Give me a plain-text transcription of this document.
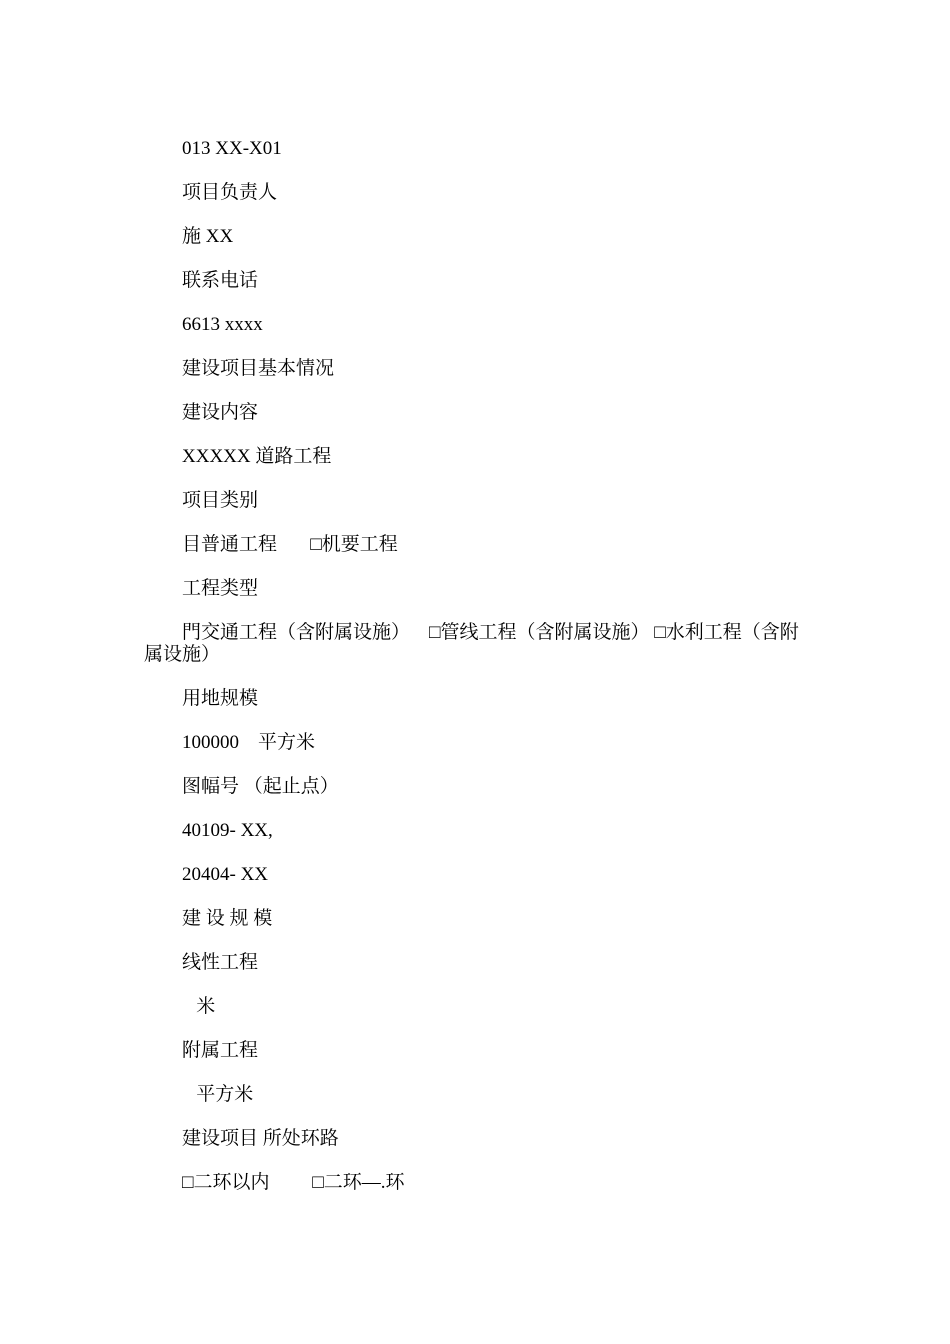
013 XX-X01

项目负责人

施 XX

联系电话

6613 xxxx

建设项目基本情况

建设内容

XXXXX 道路工程

项目类别

目普通工程       □机要工程

工程类型

門交通工程（含附属设施）    □管线工程（含附属设施） □水利工程（含附属设施）

用地规模

100000    平方米

图幅号 （起止点）

40109- XX,

20404- XX

建 设 规 模

线性工程

米

附属工程

平方米

建设项目 所处环路

□二环以内         □二环—.环
